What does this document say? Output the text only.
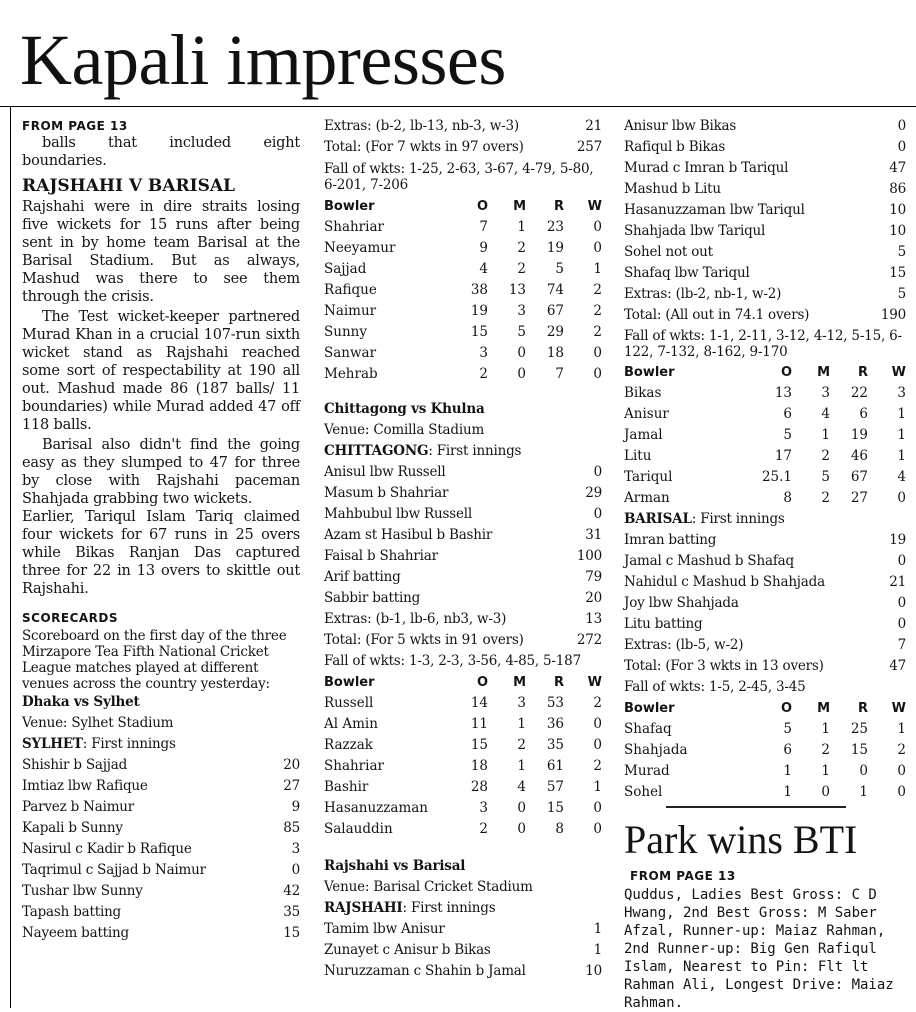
Kapali impresses
FROM PAGE 13

balls that included eight boundaries.

RAJSHAHI V BARISAL

Rajshahi were in dire straits losing five wickets for 15 runs after being sent in by home team Barisal at the Barisal Stadium. But as always, Mashud was there to see them through the crisis.

The Test wicket-keeper partnered Murad Khan in a crucial 107-run sixth wicket stand as Rajshahi reached some sort of respectability at 190 all out. Mashud made 86 (187 balls/ 11 boundaries) while Murad added 47 off 118 balls.

Barisal also didn't find the going easy as they slumped to 47 for three by close with Rajshahi paceman Shahjada grabbing two wickets.

Earlier, Tariqul Islam Tariq claimed four wickets for 67 runs in 25 overs while Bikas Ranjan Das captured three for 22 in 13 overs to skittle out Rajshahi.

SCORECARDS
Scoreboard on the first day of the three Mirzapore Tea Fifth National Cricket League matches played at different venues across the country yesterday:
Dhaka vs Sylhet
Venue: Sylhet Stadium
SYLHET: First innings
Shishir b Sajjad	20
Imtiaz lbw Rafique	27
Parvez b Naimur	9
Kapali b Sunny	85
Nasirul c Kadir b Rafique	3
Taqrimul c Sajjad b Naimur	0
Tushar lbw Sunny	42
Tapash batting	35
Nayeem batting	15
Extras: (b-2, lb-13, nb-3, w-3)	21
Total: (For 7 wkts in 97 overs)	257
Fall of wkts: 1-25, 2-63, 3-67, 4-79, 5-80, 6-201, 7-206
Bowler	O	M	R	W
Shahriar	7	1	23	0
Neeyamur	9	2	19	0
Sajjad	4	2	5	1
Rafique	38	13	74	2
Naimur	19	3	67	2
Sunny	15	5	29	2
Sanwar	3	0	18	0
Mehrab	2	0	7	0
Chittagong vs Khulna
Venue: Comilla Stadium
CHITTAGONG: First innings
Anisul lbw Russell	0
Masum b Shahriar	29
Mahbubul lbw Russell	0
Azam st Hasibul b Bashir	31
Faisal b Shahriar	100
Arif batting	79
Sabbir batting	20
Extras: (b-1, lb-6, nb3, w-3)	13
Total: (For 5 wkts in 91 overs)	272
Fall of wkts: 1-3, 2-3, 3-56, 4-85, 5-187
Bowler	O	M	R	W
Russell	14	3	53	2
Al Amin	11	1	36	0
Razzak	15	2	35	0
Shahriar	18	1	61	2
Bashir	28	4	57	1
Hasanuzzaman	3	0	15	0
Salauddin	2	0	8	0
Rajshahi vs Barisal
Venue: Barisal Cricket Stadium
RAJSHAHI: First innings
Tamim lbw Anisur	1
Zunayet c Anisur b Bikas	1
Nuruzzaman c Shahin b Jamal	10
Anisur lbw Bikas	0
Rafiqul b Bikas	0
Murad c Imran b Tariqul	47
Mashud b Litu	86
Hasanuzzaman lbw Tariqul	10
Shahjada lbw Tariqul	10
Sohel not out	5
Shafaq lbw Tariqul	15
Extras: (lb-2, nb-1, w-2)	5
Total: (All out in 74.1 overs)	190
Fall of wkts: 1-1, 2-11, 3-12, 4-12, 5-15, 6-122, 7-132, 8-162, 9-170
Bowler	O	M	R	W
Bikas	13	3	22	3
Anisur	6	4	6	1
Jamal	5	1	19	1
Litu	17	2	46	1
Tariqul	25.1	5	67	4
Arman	8	2	27	0
BARISAL: First innings
Imran batting	19
Jamal c Mashud b Shafaq	0
Nahidul c Mashud b Shahjada	21
Joy lbw Shahjada	0
Litu batting	0
Extras: (lb-5, w-2)	7
Total: (For 3 wkts in 13 overs)	47
Fall of wkts: 1-5, 2-45, 3-45
Bowler	O	M	R	W
Shafaq	5	1	25	1
Shahjada	6	2	15	2
Murad	1	1	0	0
Sohel	1	0	1	0
Park wins BTI
FROM PAGE 13

Quddus, Ladies Best Gross: C D Hwang, 2nd Best Gross: M Saber Afzal, Runner-up: Maiaz Rahman, 2nd Runner-up: Big Gen Rafiqul Islam, Nearest to Pin: Flt lt Rahman Ali, Longest Drive: Maiaz Rahman.
